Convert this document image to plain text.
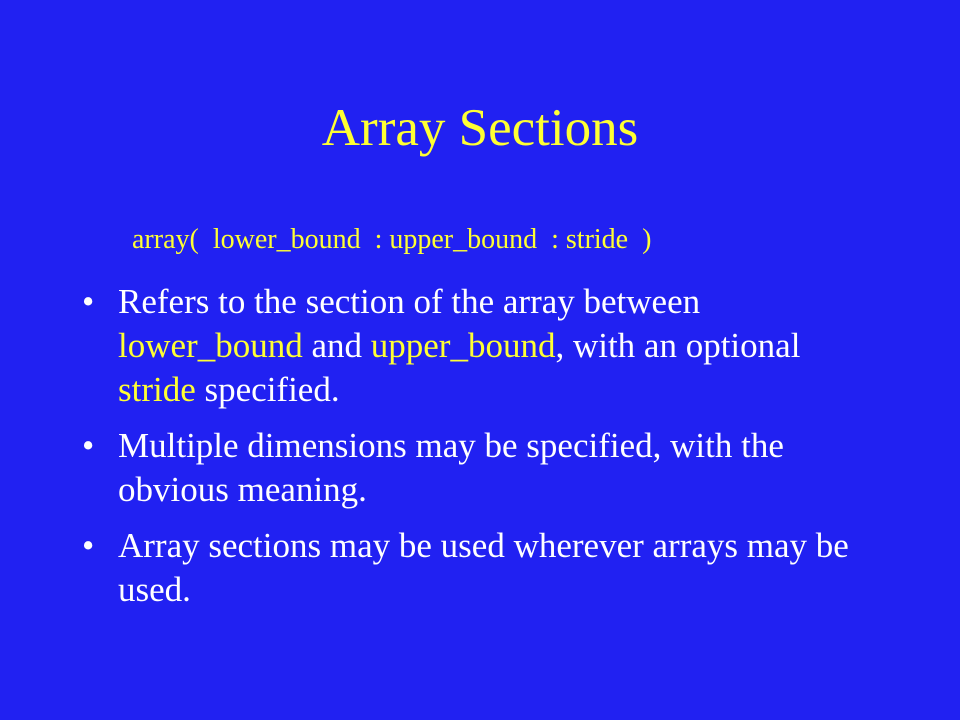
Array Sections
array(  lower_bound  : upper_bound  : stride  )
• Refers to the section of the array between lower_bound and upper_bound, with an optional stride specified.
• Multiple dimensions may be specified, with the obvious meaning.
• Array sections may be used wherever arrays may be used.
